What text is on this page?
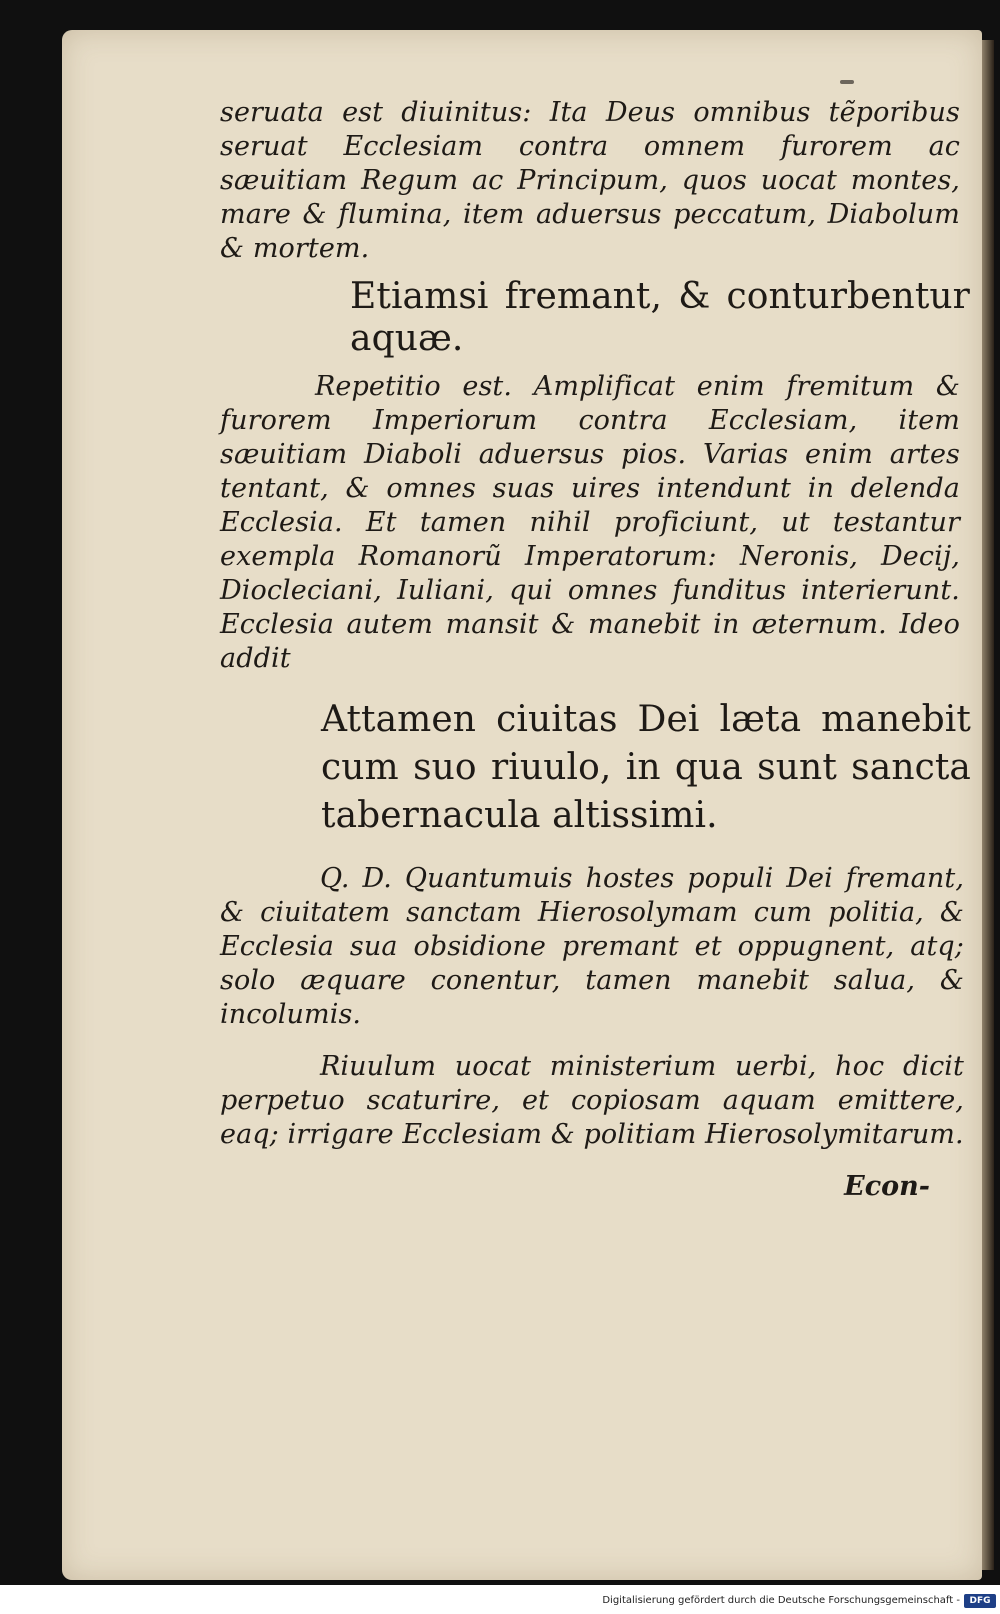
seruata est diuinitus: Ita Deus omnibus tẽporibus seruat Ecclesiam contra omnem furorem ac sæuitiam Regum ac Principum, quos uocat montes, mare & flumina, item aduersus peccatum, Diabolum & mortem.

Etiamsi fremant, & conturbentur aquæ.

Repetitio est. Amplificat enim fremitum & furorem Imperiorum contra Ecclesiam, item sæuitiam Diaboli aduersus pios. Varias enim artes tentant, & omnes suas uires intendunt in delenda Ecclesia. Et tamen nihil proficiunt, ut testantur exempla Romanorũ Imperatorum: Neronis, Decij, Diocleciani, Iuliani, qui omnes funditus interierunt. Ecclesia autem mansit & manebit in æternum. Ideo addit

Attamen ciuitas Dei læta manebit cum suo riuulo, in qua sunt sancta tabernacula altissimi.

Q. D. Quantumuis hostes populi Dei fremant, & ciuitatem sanctam Hierosolymam cum politia, & Ecclesia sua obsidione premant et oppugnent, atq; solo æquare conentur, tamen manebit salua, & incolumis.

Riuulum uocat ministerium uerbi, hoc dicit perpetuo scaturire, et copiosam aquam emittere, eaq; irrigare Ecclesiam & politiam Hierosolymitarum.

Econ-

Digitalisierung gefördert durch die Deutsche Forschungsgemeinschaft -	DFG
